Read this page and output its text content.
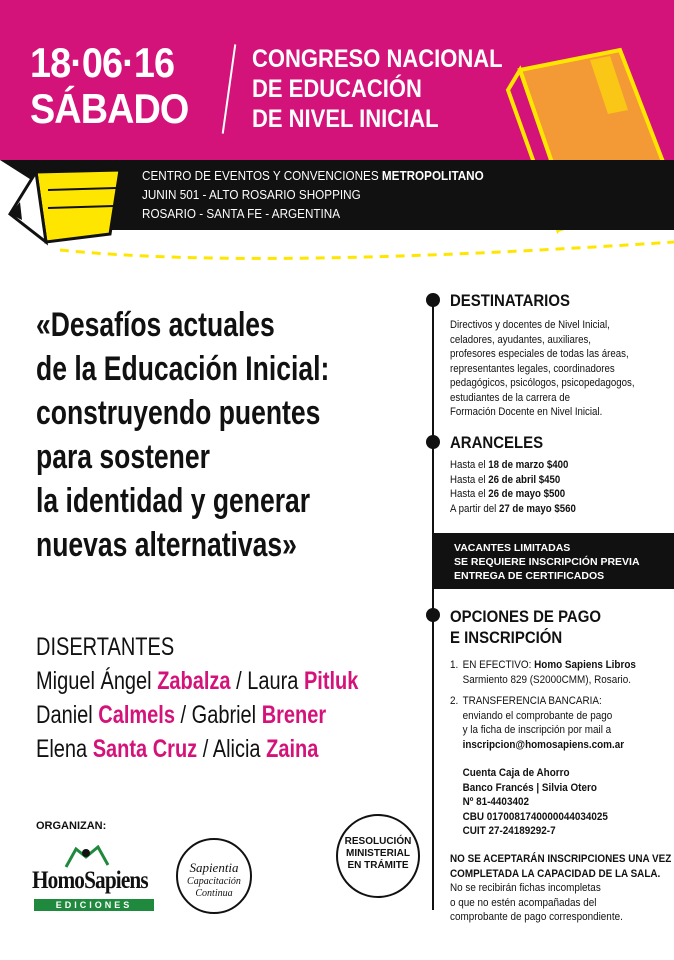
18·06·16
SÁBADO
CONGRESO NACIONAL
DE EDUCACIÓN
DE NIVEL INICIAL
CENTRO DE EVENTOS Y CONVENCIONES METROPOLITANO
JUNIN 501 - ALTO ROSARIO SHOPPING
ROSARIO - SANTA FE - ARGENTINA
«Desafíos actuales
de la Educación Inicial:
construyendo puentes
para sostener
la identidad y generar
nuevas alternativas»
DISERTANTES
Miguel Ángel Zabalza / Laura Pitluk
Daniel Calmels / Gabriel Brener
Elena Santa Cruz / Alicia Zaina
ORGANIZAN:
HomoSapiens
EDICIONES
Sapientia
Capacitación
Continua
RESOLUCIÓN
MINISTERIAL
EN TRÁMITE
DESTINATARIOS
Directivos y docentes de Nivel Inicial,
celadores, ayudantes, auxiliares,
profesores especiales de todas las áreas,
representantes legales, coordinadores
pedagógicos, psicólogos, psicopedagogos,
estudiantes de la carrera de
Formación Docente en Nivel Inicial.
ARANCELES
Hasta el 18 de marzo $400
Hasta el 26 de abril $450
Hasta el 26 de mayo $500
A partir del 27 de mayo $560
VACANTES LIMITADAS
SE REQUIERE INSCRIPCIÓN PREVIA
ENTREGA DE CERTIFICADOS
OPCIONES DE PAGO
E INSCRIPCIÓN
1. EN EFECTIVO: Homo Sapiens Libros
Sarmiento 829 (S2000CMM), Rosario.
2. TRANSFERENCIA BANCARIA:
enviando el comprobante de pago
y la ficha de inscripción por mail a
inscripcion@homosapiens.com.ar
Cuenta Caja de Ahorro
Banco Francés | Silvia Otero
Nº 81-4403402
CBU 0170081740000044034025
CUIT 27-24189292-7
NO SE ACEPTARÁN INSCRIPCIONES UNA VEZ
COMPLETADA LA CAPACIDAD DE LA SALA.
No se recibirán fichas incompletas
o que no estén acompañadas del
comprobante de pago correspondiente.
